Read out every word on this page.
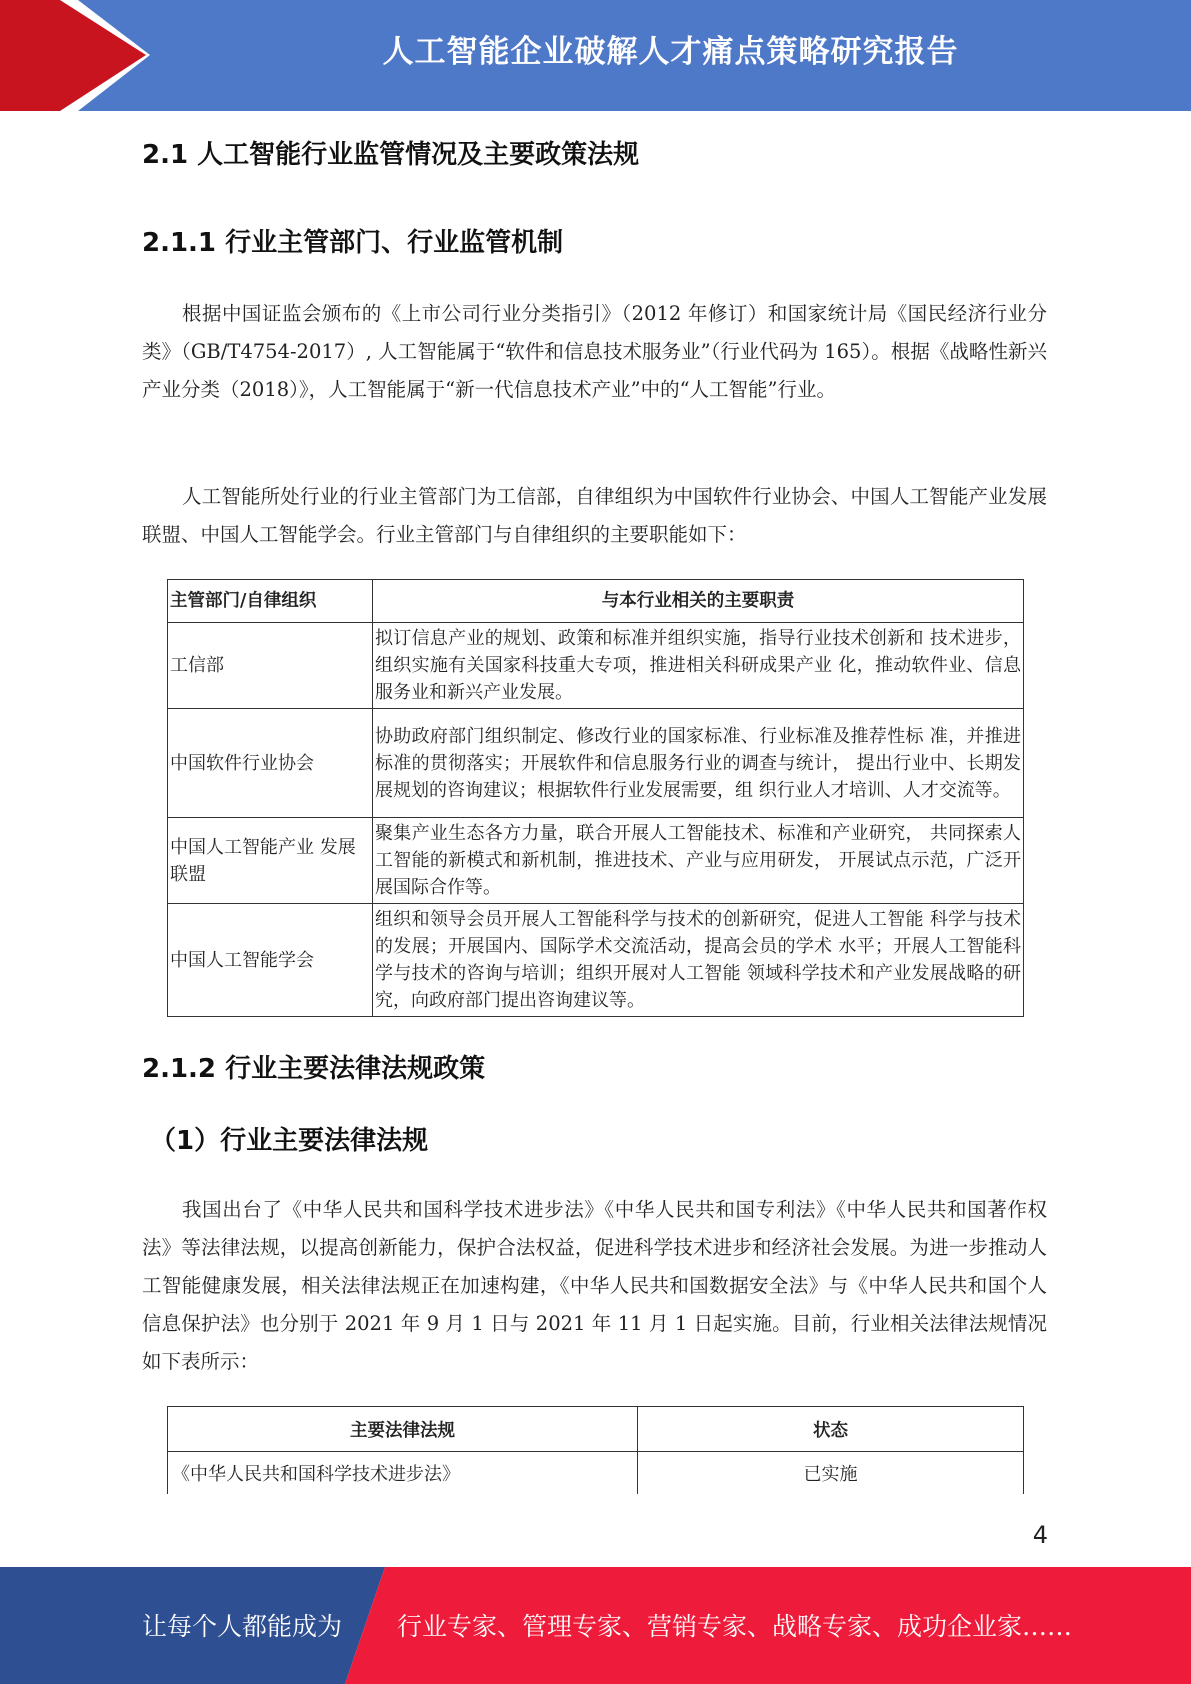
人工智能企业破解人才痛点策略研究报告
2.1 人工智能行业监管情况及主要政策法规
2.1.1 行业主管部门、行业监管机制
根据中国证监会颁布的《上市公司行业分类指引》（2012 年修订）和国家统计局《国民经济行业分类》（GB/T4754-2017）, 人工智能属于“软件和信息技术服务业”（行业代码为 165）。根据《战略性新兴产业分类（2018）》，人工智能属于“新一代信息技术产业”中的“人工智能”行业。
人工智能所处行业的行业主管部门为工信部，自律组织为中国软件行业协会、中国人工智能产业发展联盟、中国人工智能学会。行业主管部门与自律组织的主要职能如下：
主管部门/自律组织	与本行业相关的主要职责
工信部	拟订信息产业的规划、政策和标准并组织实施，指导行业技术创新和 技术进步，组织实施有关国家科技重大专项，推进相关科研成果产业 化，推动软件业、信息服务业和新兴产业发展。
中国软件行业协会	协助政府部门组织制定、修改行业的国家标准、行业标准及推荐性标 准，并推进标准的贯彻落实；开展软件和信息服务行业的调查与统计， 提出行业中、长期发展规划的咨询建议；根据软件行业发展需要，组 织行业人才培训、人才交流等。
中国人工智能产业 发展联盟	聚集产业生态各方力量，联合开展人工智能技术、标准和产业研究， 共同探索人工智能的新模式和新机制，推进技术、产业与应用研发， 开展试点示范，广泛开展国际合作等。
中国人工智能学会	组织和领导会员开展人工智能科学与技术的创新研究，促进人工智能 科学与技术的发展；开展国内、国际学术交流活动，提高会员的学术 水平；开展人工智能科学与技术的咨询与培训；组织开展对人工智能 领域科学技术和产业发展战略的研究，向政府部门提出咨询建议等。
2.1.2 行业主要法律法规政策
（1）行业主要法律法规
我国出台了《中华人民共和国科学技术进步法》《中华人民共和国专利法》《中华人民共和国著作权法》等法律法规，以提高创新能力，保护合法权益，促进科学技术进步和经济社会发展。为进一步推动人工智能健康发展，相关法律法规正在加速构建，《中华人民共和国数据安全法》与《中华人民共和国个人信息保护法》也分别于 2021 年 9 月 1 日与 2021 年 11 月 1 日起实施。目前，行业相关法律法规情况如下表所示：
主要法律法规	状态
《中华人民共和国科学技术进步法》	已实施
4
让每个人都能成为 行业专家、管理专家、营销专家、战略专家、成功企业家……
